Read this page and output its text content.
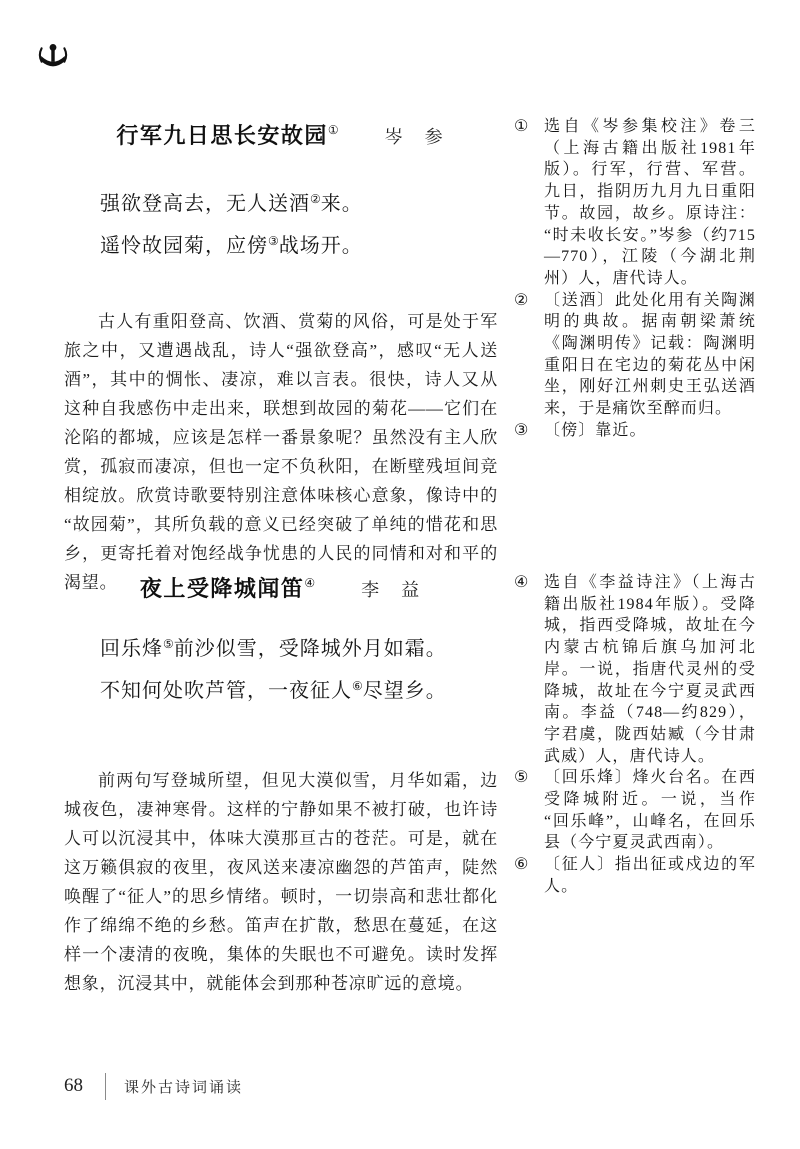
行军九日思长安故园①	岑　参
强欲登高去，无人送酒②来。
遥怜故园菊，应傍③战场开。

古人有重阳登高、饮酒、赏菊的风俗，可是处于军旅之中，又遭遇战乱，诗人“强欲登高”，感叹“无人送酒”，其中的惆怅、凄凉，难以言表。很快，诗人又从这种自我感伤中走出来，联想到故园的菊花——它们在沦陷的都城，应该是怎样一番景象呢？虽然没有主人欣赏，孤寂而凄凉，但也一定不负秋阳，在断壁残垣间竞相绽放。欣赏诗歌要特别注意体味核心意象，像诗中的“故园菊”，其所负载的意义已经突破了单纯的惜花和思乡，更寄托着对饱经战争忧患的人民的同情和对和平的渴望。	夜上受降城闻笛④	李　益
回乐烽⑤前沙似雪，受降城外月如霜。
不知何处吹芦管，一夜征人⑥尽望乡。

前两句写登城所望，但见大漠似雪，月华如霜，边城夜色，凄神寒骨。这样的宁静如果不被打破，也许诗人可以沉浸其中，体味大漠那亘古的苍茫。可是，就在这万籁俱寂的夜里，夜风送来凄凉幽怨的芦笛声，陡然唤醒了“征人”的思乡情绪。顿时，一切崇高和悲壮都化作了绵绵不绝的乡愁。笛声在扩散，愁思在蔓延，在这样一个凄清的夜晚，集体的失眠也不可避免。读时发挥想象，沉浸其中，就能体会到那种苍凉旷远的意境。

① 选自《岑参集校注》卷三（上海古籍出版社1981年版）。行军，行营、军营。九日，指阴历九月九日重阳节。故园，故乡。原诗注：“时未收长安。”岑参（约715—770），江陵（今湖北荆州）人，唐代诗人。
② 〔送酒〕此处化用有关陶渊明的典故。据南朝梁萧统《陶渊明传》记载：陶渊明重阳日在宅边的菊花丛中闲坐，刚好江州刺史王弘送酒来，于是痛饮至醉而归。
③ 〔傍〕靠近。
④ 选自《李益诗注》（上海古籍出版社1984年版）。受降城，指西受降城，故址在今内蒙古杭锦后旗乌加河北岸。一说，指唐代灵州的受降城，故址在今宁夏灵武西南。李益（748—约829），字君虞，陇西姑臧（今甘肃武威）人，唐代诗人。
⑤ 〔回乐烽〕烽火台名。在西受降城附近。一说，当作“回乐峰”，山峰名，在回乐县（今宁夏灵武西南）。
⑥ 〔征人〕指出征或戍边的军人。
68	课外古诗词诵读
